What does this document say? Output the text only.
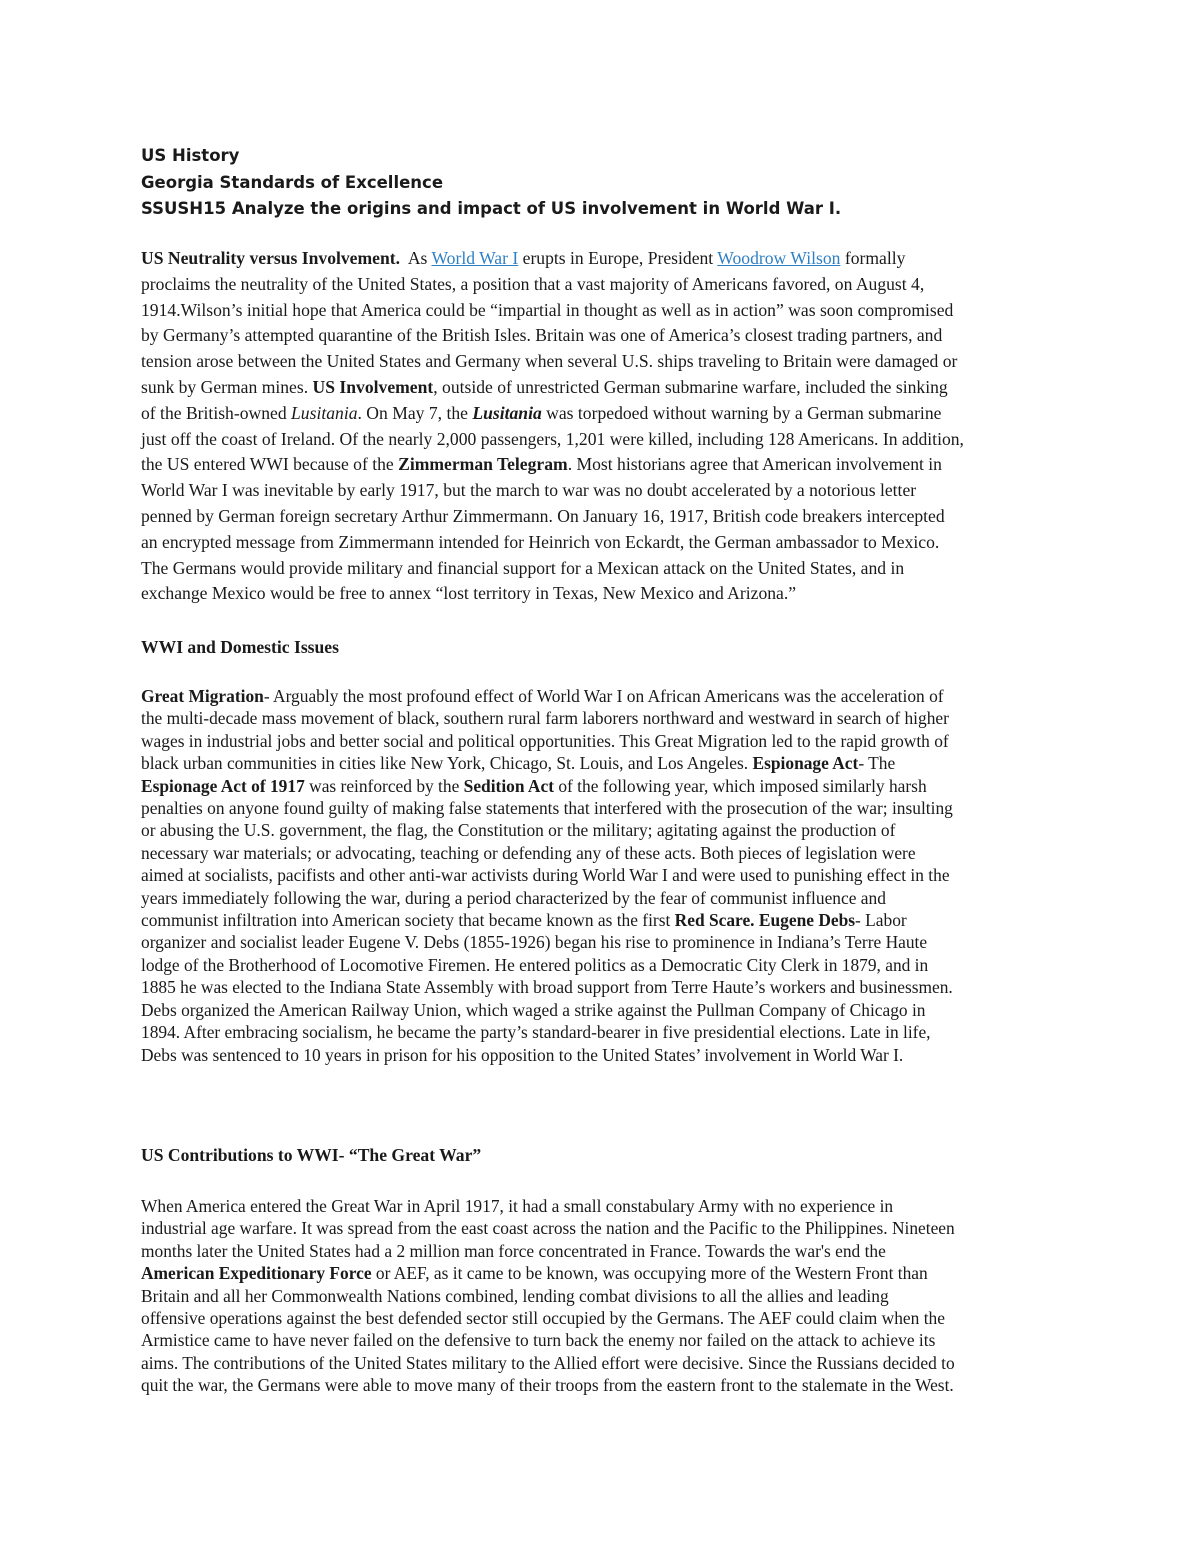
US History
Georgia Standards of Excellence
SSUSH15 Analyze the origins and impact of US involvement in World War I.
US Neutrality versus Involvement.  As World War I erupts in Europe, President Woodrow Wilson formally
proclaims the neutrality of the United States, a position that a vast majority of Americans favored, on August 4,
1914.Wilson’s initial hope that America could be “impartial in thought as well as in action” was soon compromised
by Germany’s attempted quarantine of the British Isles. Britain was one of America’s closest trading partners, and
tension arose between the United States and Germany when several U.S. ships traveling to Britain were damaged or
sunk by German mines. US Involvement, outside of unrestricted German submarine warfare, included the sinking
of the British-owned Lusitania. On May 7, the Lusitania was torpedoed without warning by a German submarine
just off the coast of Ireland. Of the nearly 2,000 passengers, 1,201 were killed, including 128 Americans. In addition,
the US entered WWI because of the Zimmerman Telegram. Most historians agree that American involvement in
World War I was inevitable by early 1917, but the march to war was no doubt accelerated by a notorious letter
penned by German foreign secretary Arthur Zimmermann. On January 16, 1917, British code breakers intercepted
an encrypted message from Zimmermann intended for Heinrich von Eckardt, the German ambassador to Mexico.
The Germans would provide military and financial support for a Mexican attack on the United States, and in
exchange Mexico would be free to annex “lost territory in Texas, New Mexico and Arizona.”
WWI and Domestic Issues
Great Migration- Arguably the most profound effect of World War I on African Americans was the acceleration of
the multi-decade mass movement of black, southern rural farm laborers northward and westward in search of higher
wages in industrial jobs and better social and political opportunities. This Great Migration led to the rapid growth of
black urban communities in cities like New York, Chicago, St. Louis, and Los Angeles. Espionage Act- The
Espionage Act of 1917 was reinforced by the Sedition Act of the following year, which imposed similarly harsh
penalties on anyone found guilty of making false statements that interfered with the prosecution of the war; insulting
or abusing the U.S. government, the flag, the Constitution or the military; agitating against the production of
necessary war materials; or advocating, teaching or defending any of these acts. Both pieces of legislation were
aimed at socialists, pacifists and other anti-war activists during World War I and were used to punishing effect in the
years immediately following the war, during a period characterized by the fear of communist influence and
communist infiltration into American society that became known as the first Red Scare. Eugene Debs- Labor
organizer and socialist leader Eugene V. Debs (1855-1926) began his rise to prominence in Indiana’s Terre Haute
lodge of the Brotherhood of Locomotive Firemen. He entered politics as a Democratic City Clerk in 1879, and in
1885 he was elected to the Indiana State Assembly with broad support from Terre Haute’s workers and businessmen.
Debs organized the American Railway Union, which waged a strike against the Pullman Company of Chicago in
1894. After embracing socialism, he became the party’s standard-bearer in five presidential elections. Late in life,
Debs was sentenced to 10 years in prison for his opposition to the United States’ involvement in World War I.
US Contributions to WWI- “The Great War”
When America entered the Great War in April 1917, it had a small constabulary Army with no experience in
industrial age warfare. It was spread from the east coast across the nation and the Pacific to the Philippines. Nineteen
months later the United States had a 2 million man force concentrated in France. Towards the war's end the
American Expeditionary Force or AEF, as it came to be known, was occupying more of the Western Front than
Britain and all her Commonwealth Nations combined, lending combat divisions to all the allies and leading
offensive operations against the best defended sector still occupied by the Germans. The AEF could claim when the
Armistice came to have never failed on the defensive to turn back the enemy nor failed on the attack to achieve its
aims. The contributions of the United States military to the Allied effort were decisive. Since the Russians decided to
quit the war, the Germans were able to move many of their troops from the eastern front to the stalemate in the West.
